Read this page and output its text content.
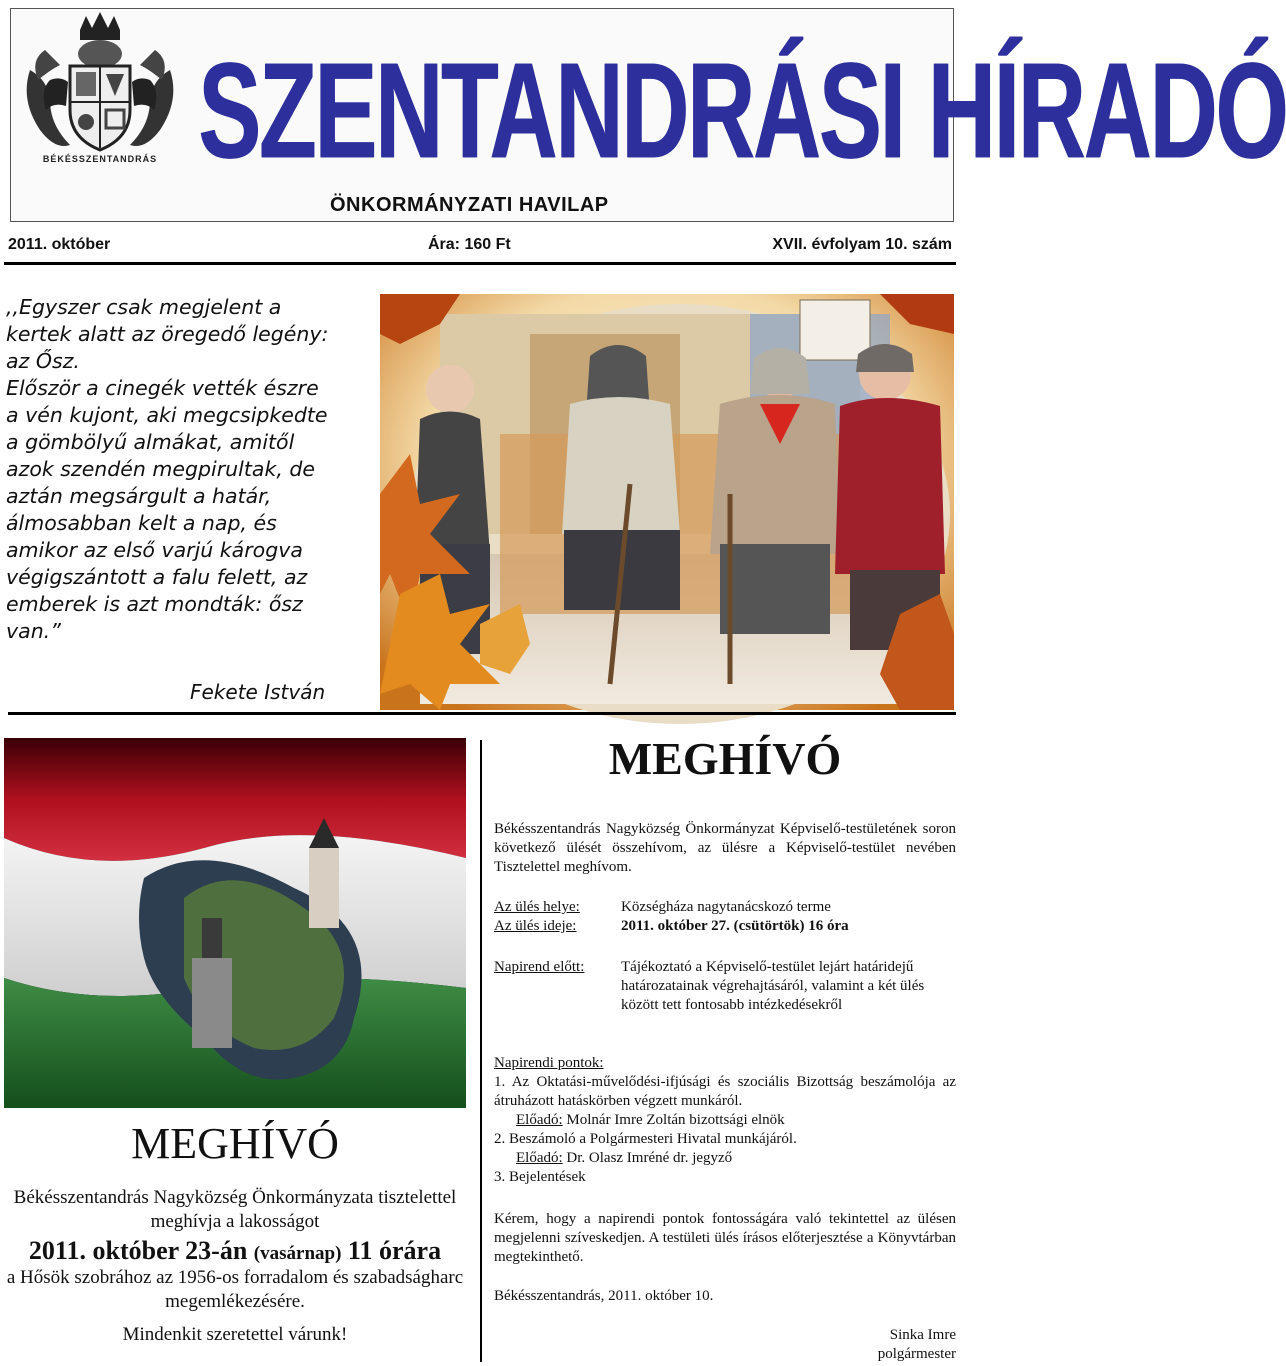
BÉKÉSSZENTANDRÁS SZENTANDRÁSI HÍRADÓ
ÖNKORMÁNYZATI HAVILAP
2011. október	Ára: 160 Ft	XVII. évfolyam 10. szám
,,Egyszer csak megjelent a
kertek alatt az öregedő legény:
az Ősz.
Először a cinegék vették észre
a vén kujont, aki megcsipkedte
a gömbölyű almákat, amitől
azok szendén megpirultak, de
aztán megsárgult a határ,
álmosabban kelt a nap, és
amikor az első varjú károgva
végigszántott a falu felett, az
emberek is azt mondták: ősz
van.”
Fekete István
MEGHÍVÓ
Békésszentandrás Nagyközség Önkormányzata tisztelettel meghívja a lakosságot
2011. október 23-án (vasárnap) 11 órára
a Hősök szobrához az 1956-os forradalom és szabadságharc megemlékezésére.
Mindenkit szeretettel várunk!
MEGHÍVÓ
Békésszentandrás Nagyközség Önkormányzat Képviselő-testületének soron következő ülését összehívom, az ülésre a Képviselő-testület nevében Tisztelettel meghívom.
Az ülés helye:	Községháza nagytanácskozó terme
Az ülés ideje:	2011. október 27. (csütörtök) 16 óra
Napirend előtt: Tájékoztató a Képviselő-testület lejárt határidejű határozatainak végrehajtásáról, valamint a két ülés között tett fontosabb intézkedésekről
Napirendi pontok:
1. Az Oktatási-művelődési-ifjúsági és szociális Bizottság beszámolója az átruházott hatáskörben végzett munkáról.
Előadó: Molnár Imre Zoltán bizottsági elnök
2. Beszámoló a Polgármesteri Hivatal munkájáról.
Előadó: Dr. Olasz Imréné dr. jegyző
3. Bejelentések
Kérem, hogy a napirendi pontok fontosságára való tekintettel az ülésen megjelenni szíveskedjen. A testületi ülés írásos előterjesztése a Könyvtárban megtekinthető.
Békésszentandrás, 2011. október 10.
Sinka Imre
polgármester
